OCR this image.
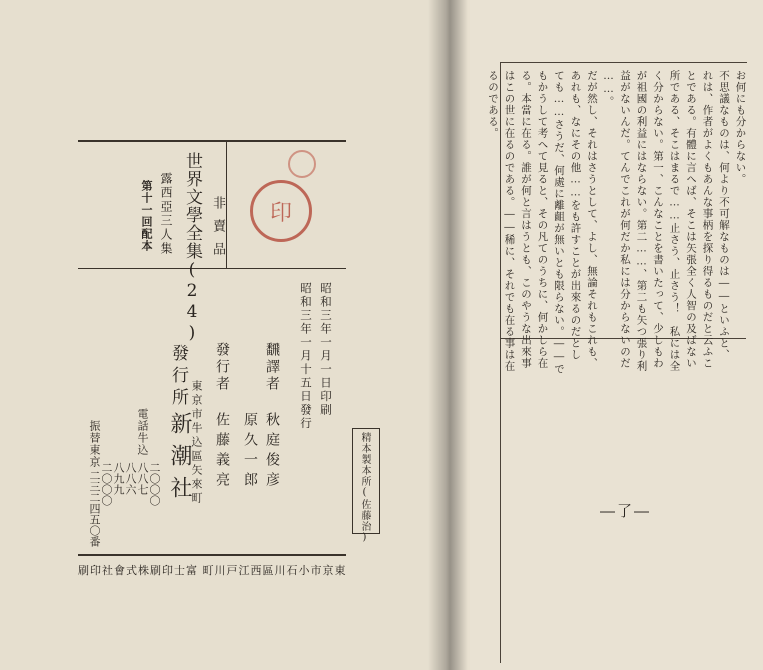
世界文學全集(24)
露西亞三人集
第十一回配本	非賣品	印
昭和三年一月一日印刷
昭和三年一月十五日發行
飜譯者
秋庭俊彦
原久一郎
發行者
佐藤義亮
東京市牛込區矢來町
發行所
新潮社
電話牛込
八八六 八八七
八九九 二〇〇〇
二〇〇〇
振替東京
二三二四五〇番	精本製本所(佐藤治)
東京市小石川區西江戸川町 富士印刷株式會社印刷
お何にも分からない。
不思議なものは、何より不可解なものは――といふと、
れは、作者がよくもあんな事柄を探り得るものだと云ふこ
とである。有體に言へば、そこは矢張全く人智の及ばない
所である、そこはまるで……止さう、止さう！　私には全
く分からない。第一、こんなことを書いたって、少しもわ
が祖國の利益にはならない。第二……、第二も矢つ張り利
益がないんだ。てんでこれが何だか私には分からないのだ
……。
だが然し、それはさうとして、よし、無論それもこれも、
あれも、なにその他……をも許すことが出來るのだとし
ても……さうだ、何處に離齟が無いとも限らない。――で
もかうして考へて見ると、その凡てのうちに、何かしら在
る。本當に在る。誰が何と言はうとも、このやうな出來事
はこの世に在るのである。――稀に、それでも在る事は在
るのである。
―了―
